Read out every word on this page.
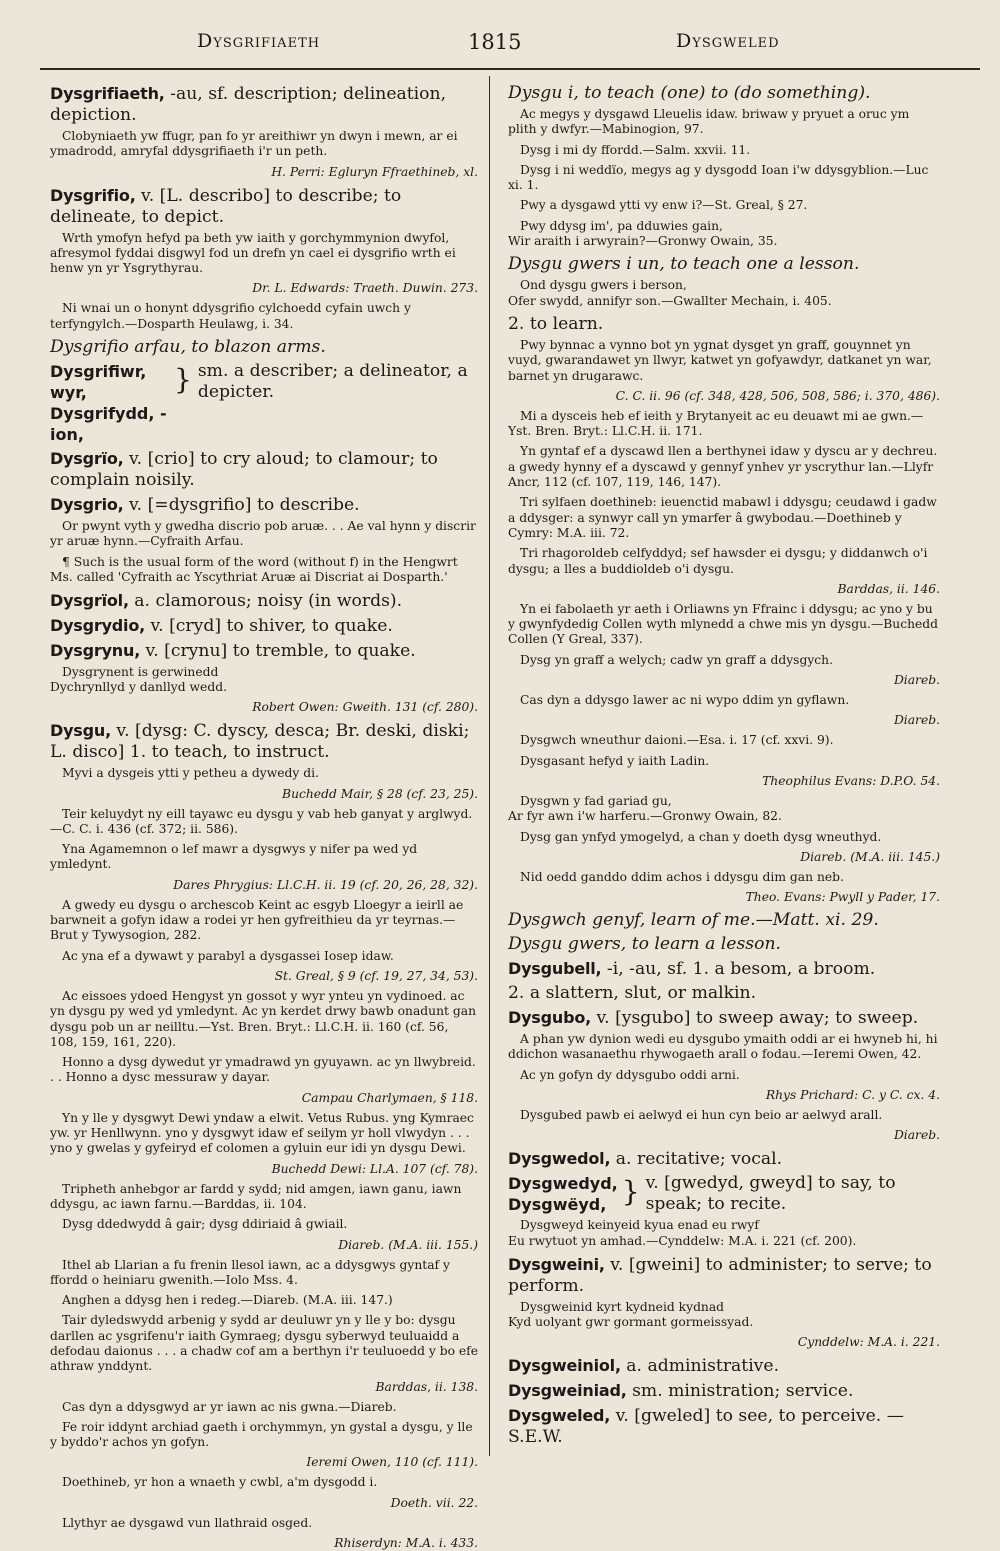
Dysgrifiaeth	1815	Dysgweled
Dysgrifiaeth, -au, sf. description; delineation, depiction.
Clobyniaeth yw ffugr, pan fo yr areithiwr yn dwyn i mewn, ar ei ymadrodd, amryfal ddysgrifiaeth i'r un peth.
H. Perri: Egluryn Ffraethineb, xl.
Dysgrifio, v. [L. describo] to describe; to delineate, to depict.
Wrth ymofyn hefyd pa beth yw iaith y gorchymmynion dwyfol, afresymol fyddai disgwyl fod un drefn yn cael ei dysgrifio wrth ei henw yn yr Ysgrythyrau.
Dr. L. Edwards: Traeth. Duwin. 273.
Ni wnai un o honynt ddysgrifio cylchoedd cyfain uwch y terfyngylch.—Dosparth Heulawg, i. 34.
Dysgrifio arfau, to blazon arms.
Dysgrifiwr, wyr,
Dysgrifydd, -ion,
} sm. a describer; a delineator, a depicter.
Dysgrïo, v. [crio] to cry aloud; to clamour; to complain noisily.
Dysgrio, v. [=dysgrifio] to describe.
Or pwynt vyth y gwedha discrio pob aruæ. . . Ae val hynn y discrir yr aruæ hynn.—Cyfraith Arfau.
¶ Such is the usual form of the word (without f) in the Hengwrt Ms. called 'Cyfraith ac Yscythriat Aruæ ai Discriat ai Dosparth.'
Dysgrïol, a. clamorous; noisy (in words).
Dysgrydio, v. [cryd] to shiver, to quake.
Dysgrynu, v. [crynu] to tremble, to quake.
Dysgrynent is gerwinedd
Dychrynllyd y danllyd wedd.
Robert Owen: Gweith. 131 (cf. 280).
Dysgu, v. [dysg: C. dyscy, desca; Br. deski, diski; L. disco] 1. to teach, to instruct.
Myvi a dysgeis ytti y petheu a dywedy di.
Buchedd Mair, § 28 (cf. 23, 25).
Teir keluydyt ny eill tayawc eu dysgu y vab heb ganyat y arglwyd.—C. C. i. 436 (cf. 372; ii. 586).
Yna Agamemnon o lef mawr a dysgwys y nifer pa wed yd ymledynt.
Dares Phrygius: Ll.C.H. ii. 19 (cf. 20, 26, 28, 32).
A gwedy eu dysgu o archescob Keint ac esgyb Lloegyr a ieirll ae barwneit a gofyn idaw a rodei yr hen gyfreithieu da yr teyrnas.—Brut y Tywysogion, 282.
Ac yna ef a dywawt y parabyl a dysgassei Iosep idaw.
St. Greal, § 9 (cf. 19, 27, 34, 53).
Ac eissoes ydoed Hengyst yn gossot y wyr ynteu yn vydinoed. ac yn dysgu py wed yd ymledynt. Ac yn kerdet drwy bawb onadunt gan dysgu pob un ar neilltu.—Yst. Bren. Bryt.: Ll.C.H. ii. 160 (cf. 56, 108, 159, 161, 220).
Honno a dysg dywedut yr ymadrawd yn gyuyawn. ac yn llwybreid. . . Honno a dysc messuraw y dayar.
Campau Charlymaen, § 118.
Yn y lle y dysgwyt Dewi yndaw a elwit. Vetus Rubus. yng Kymraec yw. yr Henllwynn. yno y dysgwyt idaw ef seilym yr holl vlwydyn . . . yno y gwelas y gyfeiryd ef colomen a gyluin eur idi yn dysgu Dewi.
Buchedd Dewi: Ll.A. 107 (cf. 78).
Tripheth anhebgor ar fardd y sydd; nid amgen, iawn ganu, iawn ddysgu, ac iawn farnu.—Barddas, ii. 104.
Dysg ddedwydd â gair; dysg ddiriaid â gwiail.
Diareb. (M.A. iii. 155.)
Ithel ab Llarian a fu frenin llesol iawn, ac a ddysgwys gyntaf y ffordd o heiniaru gwenith.—Iolo Mss. 4.
Anghen a ddysg hen i redeg.—Diareb. (M.A. iii. 147.)
Tair dyledswydd arbenig y sydd ar deuluwr yn y lle y bo: dysgu darllen ac ysgrifenu'r iaith Gymraeg; dysgu syberwyd teuluaidd a defodau daionus . . . a chadw cof am a berthyn i'r teuluoedd y bo efe athraw ynddynt.
Barddas, ii. 138.
Cas dyn a ddysgwyd ar yr iawn ac nis gwna.—Diareb.
Fe roir iddynt archiad gaeth i orchymmyn, yn gystal a dysgu, y lle y byddo'r achos yn gofyn.
Ieremi Owen, 110 (cf. 111).
Doethineb, yr hon a wnaeth y cwbl, a'm dysgodd i.
Doeth. vii. 22.
Llythyr ae dysgawd vun llathraid osged.
Rhiserdyn: M.A. i. 433.
Dysgu i, to teach (one) to (do something).
Ac megys y dysgawd Lleuelis idaw. briwaw y pryuet a oruc ym plith y dwfyr.—Mabinogion, 97.
Dysg i mi dy ffordd.—Salm. xxvii. 11.
Dysg i ni weddïo, megys ag y dysgodd Ioan i'w ddysgyblion.—Luc xi. 1.
Pwy a dysgawd ytti vy enw i?—St. Greal, § 27.
Pwy ddysg im', pa dduwies gain,
Wir araith i arwyrain?—Gronwy Owain, 35.
Dysgu gwers i un, to teach one a lesson.
Ond dysgu gwers i berson,
Ofer swydd, annifyr son.—Gwallter Mechain, i. 405.
2. to learn.
Pwy bynnac a vynno bot yn ygnat dysget yn graff, gouynnet yn vuyd, gwarandawet yn llwyr, katwet yn gofyawdyr, datkanet yn war, barnet yn drugarawc.
C. C. ii. 96 (cf. 348, 428, 506, 508, 586; i. 370, 486).
Mi a dysceis heb ef ieith y Brytanyeit ac eu deuawt mi ae gwn.—Yst. Bren. Bryt.: Ll.C.H. ii. 171.
Yn gyntaf ef a dyscawd llen a berthynei idaw y dyscu ar y dechreu. a gwedy hynny ef a dyscawd y gennyf ynhev yr yscrythur lan.—Llyfr Ancr, 112 (cf. 107, 119, 146, 147).
Tri sylfaen doethineb: ieuenctid mabawl i ddysgu; ceudawd i gadw a ddysger: a synwyr call yn ymarfer â gwybodau.—Doethineb y Cymry: M.A. iii. 72.
Tri rhagoroldeb celfyddyd; sef hawsder ei dysgu; y diddanwch o'i dysgu; a lles a buddioldeb o'i dysgu.
Barddas, ii. 146.
Yn ei fabolaeth yr aeth i Orliawns yn Ffrainc i ddysgu; ac yno y bu y gwynfydedig Collen wyth mlynedd a chwe mis yn dysgu.—Buchedd Collen (Y Greal, 337).
Dysg yn graff a welych; cadw yn graff a ddysgych.
Diareb.
Cas dyn a ddysgo lawer ac ni wypo ddim yn gyflawn.
Diareb.
Dysgwch wneuthur daioni.—Esa. i. 17 (cf. xxvi. 9).
Dysgasant hefyd y iaith Ladin.
Theophilus Evans: D.P.O. 54.
Dysgwn y fad gariad gu,
Ar fyr awn i'w harferu.—Gronwy Owain, 82.
Dysg gan ynfyd ymogelyd, a chan y doeth dysg wneuthyd.
Diareb. (M.A. iii. 145.)
Nid oedd ganddo ddim achos i ddysgu dim gan neb.
Theo. Evans: Pwyll y Pader, 17.
Dysgwch genyf, learn of me.—Matt. xi. 29.
Dysgu gwers, to learn a lesson.
Dysgubell, -i, -au, sf. 1. a besom, a broom.
2. a slattern, slut, or malkin.
Dysgubo, v. [ysgubo] to sweep away; to sweep.
A phan yw dynion wedi eu dysgubo ymaith oddi ar ei hwyneb hi, hi ddichon wasanaethu rhywogaeth arall o fodau.—Ieremi Owen, 42.
Ac yn gofyn dy ddysgubo oddi arni.
Rhys Prichard: C. y C. cx. 4.
Dysgubed pawb ei aelwyd ei hun cyn beio ar aelwyd arall.
Diareb.
Dysgwedol, a. recitative; vocal.
Dysgwedyd,
Dysgwëyd, } v. [gwedyd, gweyd] to say, to speak; to recite.
Dysgweyd keinyeid kyua enad eu rwyf
Eu rwytuot yn amhad.—Cynddelw: M.A. i. 221 (cf. 200).
Dysgweini, v. [gweini] to administer; to serve; to perform.
Dysgweinid kyrt kydneid kydnad
Kyd uolyant gwr gormant gormeissyad.
Cynddelw: M.A. i. 221.
Dysgweiniol, a. administrative.
Dysgweiniad, sm. ministration; service.
Dysgweled, v. [gweled] to see, to perceive. —S.E.W.
